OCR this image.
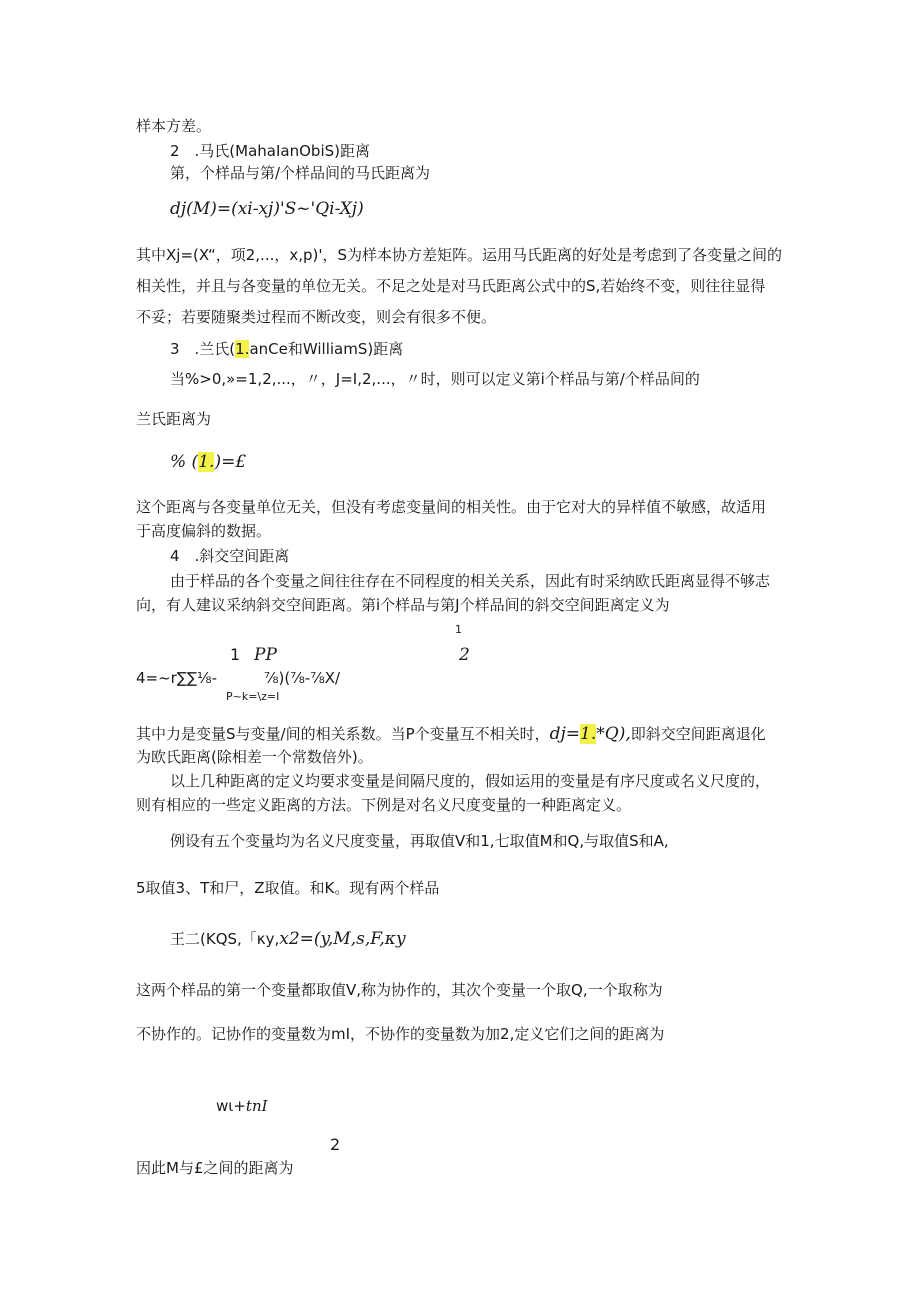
样本方差。
2　.马氏(MahaIanObiS)距离
第，个样品与第/个样品间的马氏距离为
dj(M)=(xi-xj)'S~'Qi-Xj)
其中Xj=(X“，项2,...，x,p)'，S为样本协方差矩阵。运用马氏距离的好处是考虑到了各变量之间的
相关性，并且与各变量的单位无关。不足之处是对马氏距离公式中的S,若始终不变，则往往显得
不妥；若要随聚类过程而不断改变，则会有很多不便。
3　.兰氏(1.anCe和WilliamS)距离
当%>0,»=1,2,...，〃，J=I,2,...，〃时，则可以定义第i个样品与第/个样品间的
兰氏距离为
% (1.)=£
这个距离与各变量单位无关，但没有考虑变量间的相关性。由于它对大的异样值不敏感，故适用
于高度偏斜的数据。
4　.斜交空间距离
由于样品的各个变量之间往往存在不同程度的相关关系，因此有时采纳欧氏距离显得不够志
向，有人建议采纳斜交空间距离。第i个样品与第J个样品间的斜交空间距离定义为
1
1 PP	2
4=~r∑∑⅛-	⅞)(⅞-⅞X/
P~k=\z=I
其中力是变量S与变量/间的相关系数。当P个变量互不相关时，dj=1.*Q),即斜交空间距离退化
为欧氏距离(除相差一个常数倍外)。
以上几种距离的定义均要求变量是间隔尺度的，假如运用的变量是有序尺度或名义尺度的，
则有相应的一些定义距离的方法。下例是对名义尺度变量的一种距离定义。
例设有五个变量均为名义尺度变量，再取值V和1,七取值M和Q,与取值S和A,
5取值3、T和尸，Z取值。和K。现有两个样品
王二(KQS,「κy,x2=(y,M,s,F,κy
这两个样品的第一个变量都取值V,称为协作的，其次个变量一个取Q,一个取称为
不协作的。记协作的变量数为mI，不协作的变量数为加2,定义它们之间的距离为
wι+tnI
2
因此M与£之间的距离为
